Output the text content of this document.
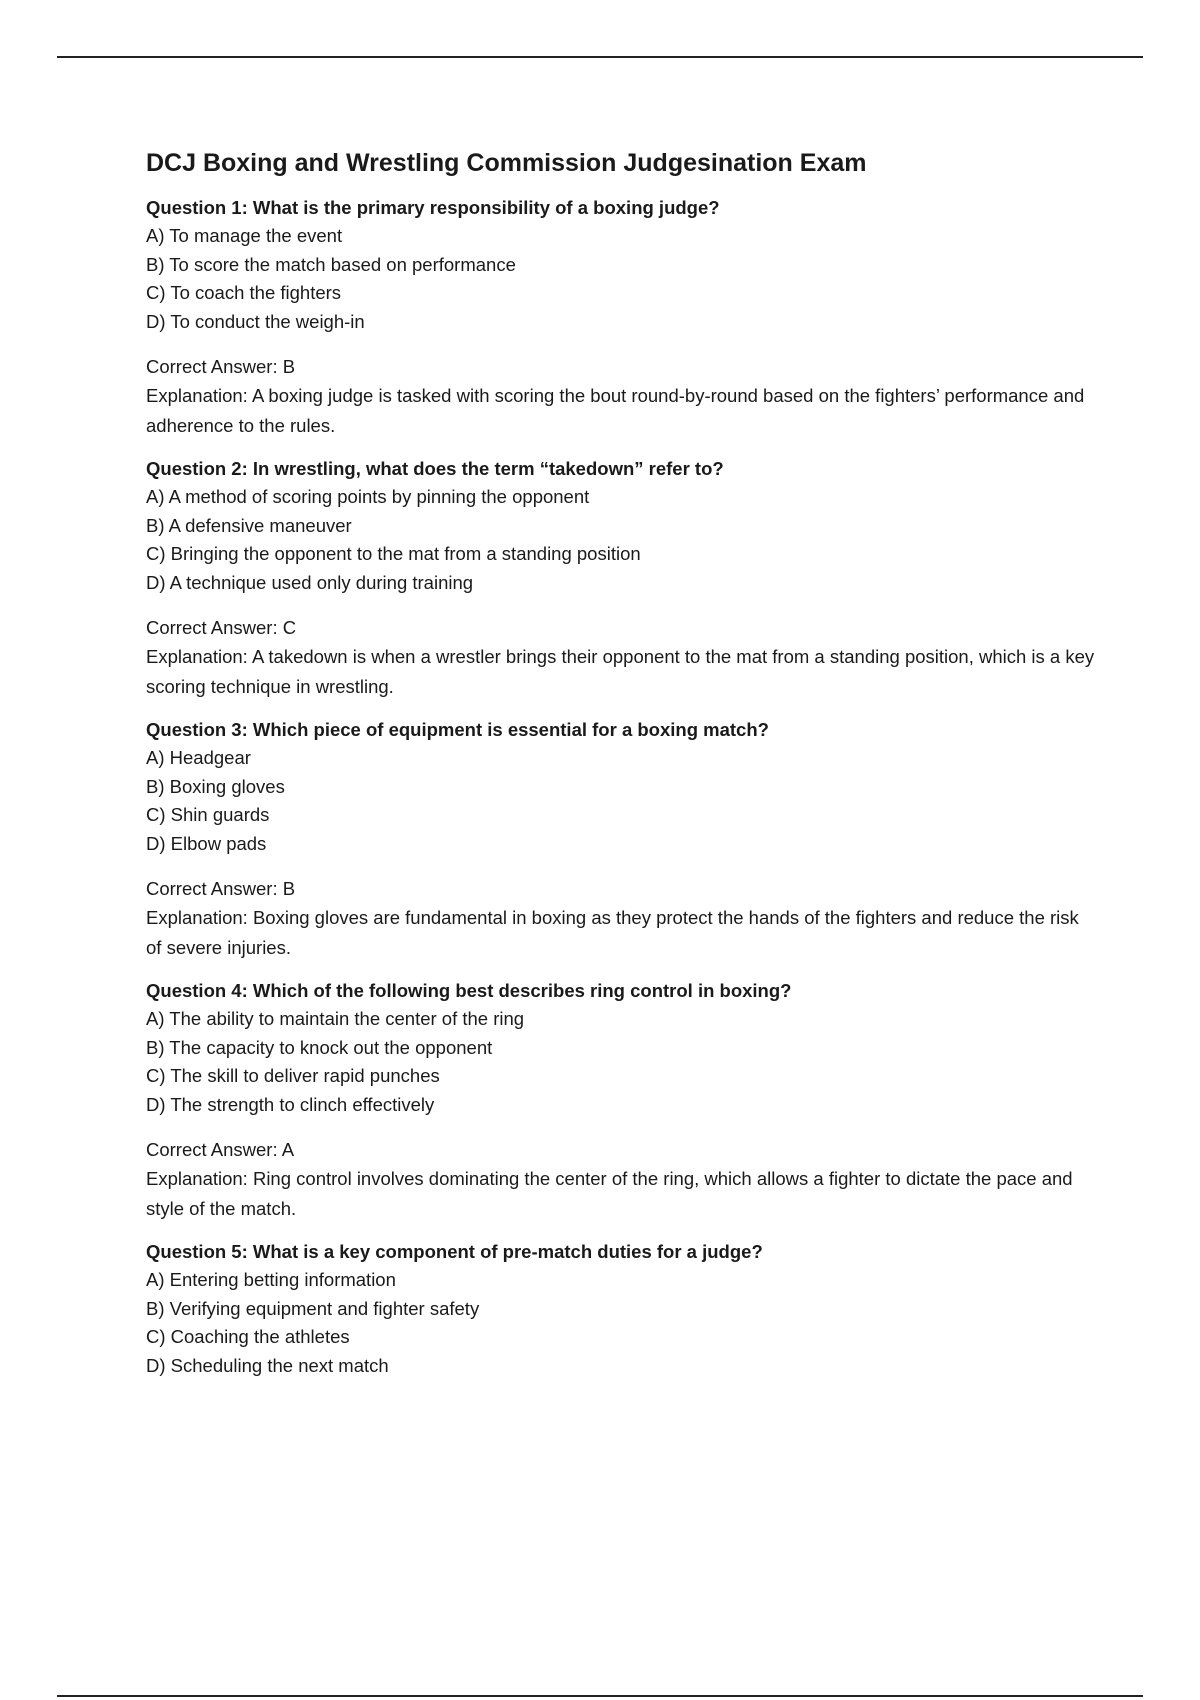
DCJ Boxing and Wrestling Commission Judgesination Exam

Question 1: What is the primary responsibility of a boxing judge?

A) To manage the event

B) To score the match based on performance

C) To coach the fighters

D) To conduct the weigh-in

Correct Answer: B

Explanation: A boxing judge is tasked with scoring the bout round-by-round based on the fighters’ performance and adherence to the rules.

Question 2: In wrestling, what does the term “takedown” refer to?

A) A method of scoring points by pinning the opponent

B) A defensive maneuver

C) Bringing the opponent to the mat from a standing position

D) A technique used only during training

Correct Answer: C

Explanation: A takedown is when a wrestler brings their opponent to the mat from a standing position, which is a key scoring technique in wrestling.

Question 3: Which piece of equipment is essential for a boxing match?

A) Headgear

B) Boxing gloves

C) Shin guards

D) Elbow pads

Correct Answer: B

Explanation: Boxing gloves are fundamental in boxing as they protect the hands of the fighters and reduce the risk of severe injuries.

Question 4: Which of the following best describes ring control in boxing?

A) The ability to maintain the center of the ring

B) The capacity to knock out the opponent

C) The skill to deliver rapid punches

D) The strength to clinch effectively

Correct Answer: A

Explanation: Ring control involves dominating the center of the ring, which allows a fighter to dictate the pace and style of the match.

Question 5: What is a key component of pre-match duties for a judge?

A) Entering betting information

B) Verifying equipment and fighter safety

C) Coaching the athletes

D) Scheduling the next match
